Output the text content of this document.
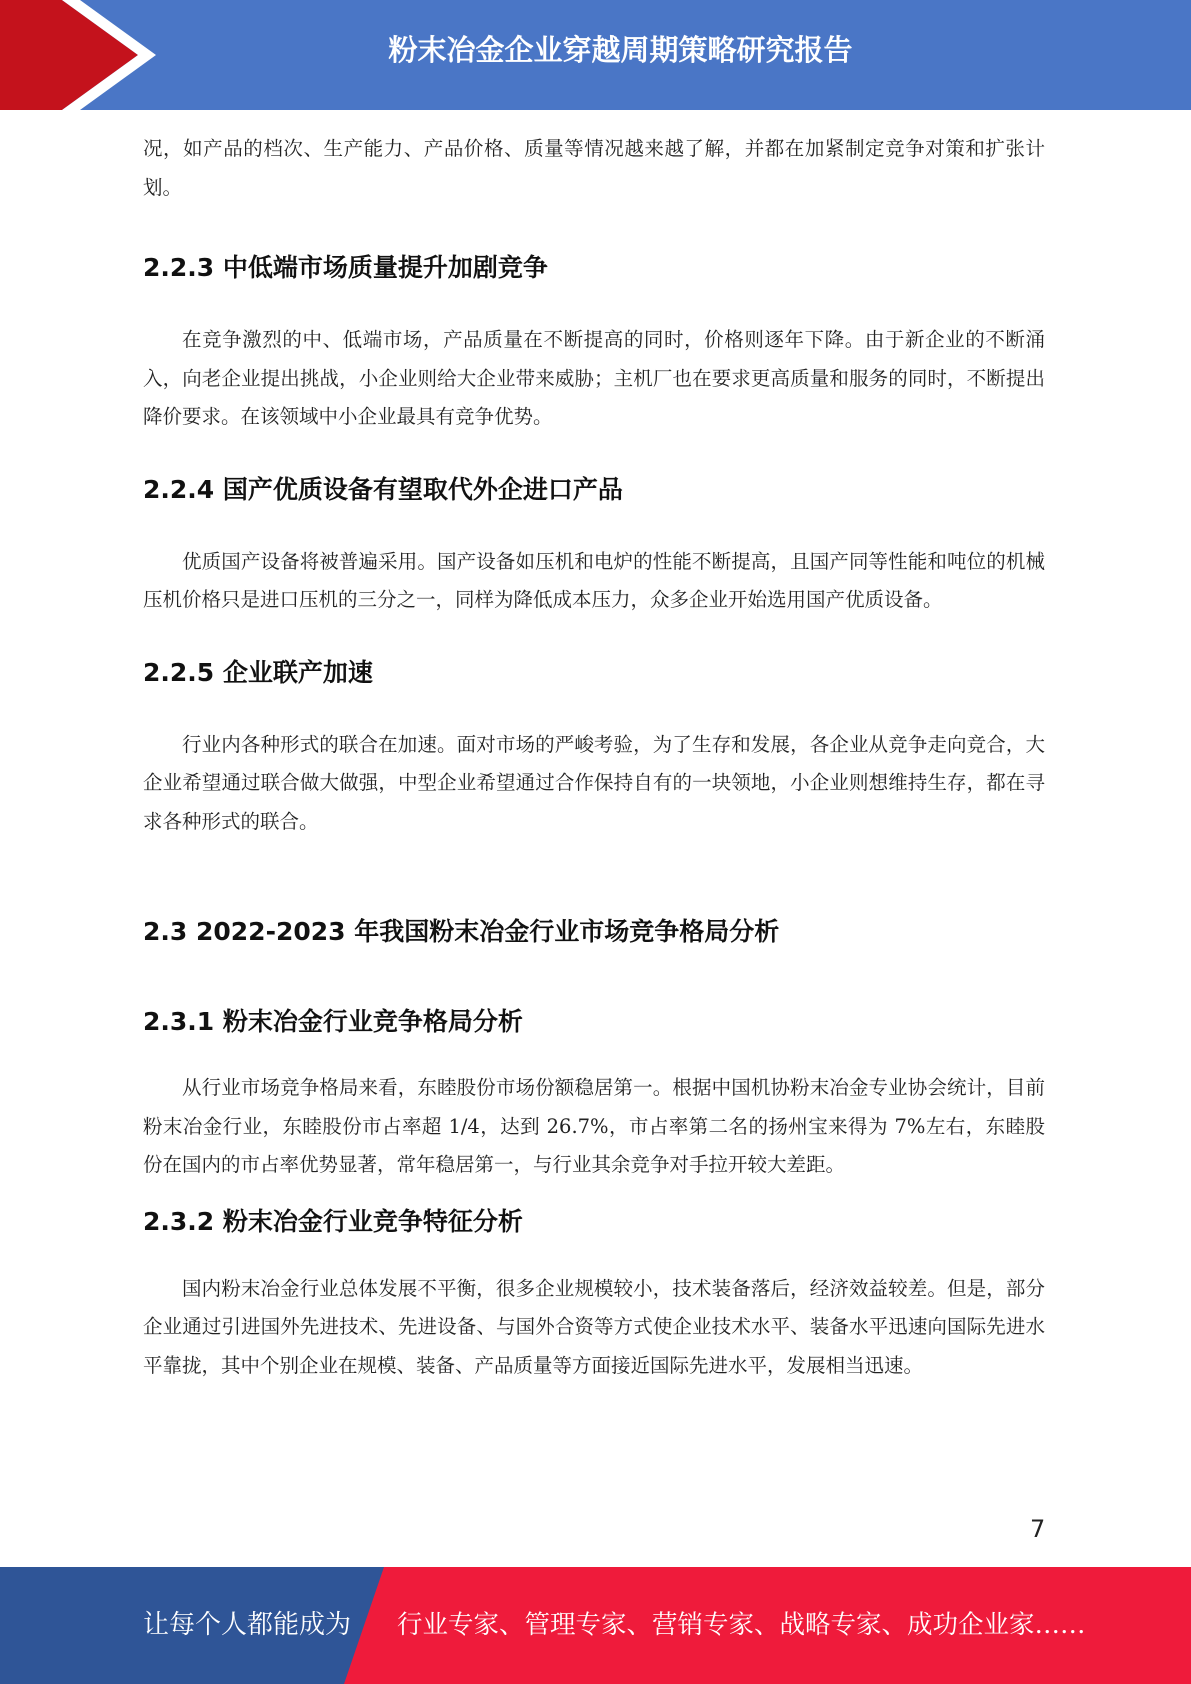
粉末冶金企业穿越周期策略研究报告

况，如产品的档次、生产能力、产品价格、质量等情况越来越了解，并都在加紧制定竞争对策和扩张计划。

2.2.3 中低端市场质量提升加剧竞争

在竞争激烈的中、低端市场，产品质量在不断提高的同时，价格则逐年下降。由于新企业的不断涌入，向老企业提出挑战，小企业则给大企业带来威胁；主机厂也在要求更高质量和服务的同时，不断提出降价要求。在该领域中小企业最具有竞争优势。

2.2.4 国产优质设备有望取代外企进口产品

优质国产设备将被普遍采用。国产设备如压机和电炉的性能不断提高，且国产同等性能和吨位的机械压机价格只是进口压机的三分之一，同样为降低成本压力，众多企业开始选用国产优质设备。

2.2.5 企业联产加速

行业内各种形式的联合在加速。面对市场的严峻考验，为了生存和发展，各企业从竞争走向竞合，大企业希望通过联合做大做强，中型企业希望通过合作保持自有的一块领地，小企业则想维持生存，都在寻求各种形式的联合。

2.3 2022-2023 年我国粉末冶金行业市场竞争格局分析
2.3.1 粉末冶金行业竞争格局分析

从行业市场竞争格局来看，东睦股份市场份额稳居第一。根据中国机协粉末冶金专业协会统计，目前粉末冶金行业，东睦股份市占率超 1/4，达到 26.7%，市占率第二名的扬州宝来得为 7%左右，东睦股份在国内的市占率优势显著，常年稳居第一，与行业其余竞争对手拉开较大差距。

2.3.2 粉末冶金行业竞争特征分析

国内粉末冶金行业总体发展不平衡，很多企业规模较小，技术装备落后，经济效益较差。但是，部分企业通过引进国外先进技术、先进设备、与国外合资等方式使企业技术水平、装备水平迅速向国际先进水平靠拢，其中个别企业在规模、装备、产品质量等方面接近国际先进水平，发展相当迅速。

7
让每个人都能成为 行业专家、管理专家、营销专家、战略专家、成功企业家……
